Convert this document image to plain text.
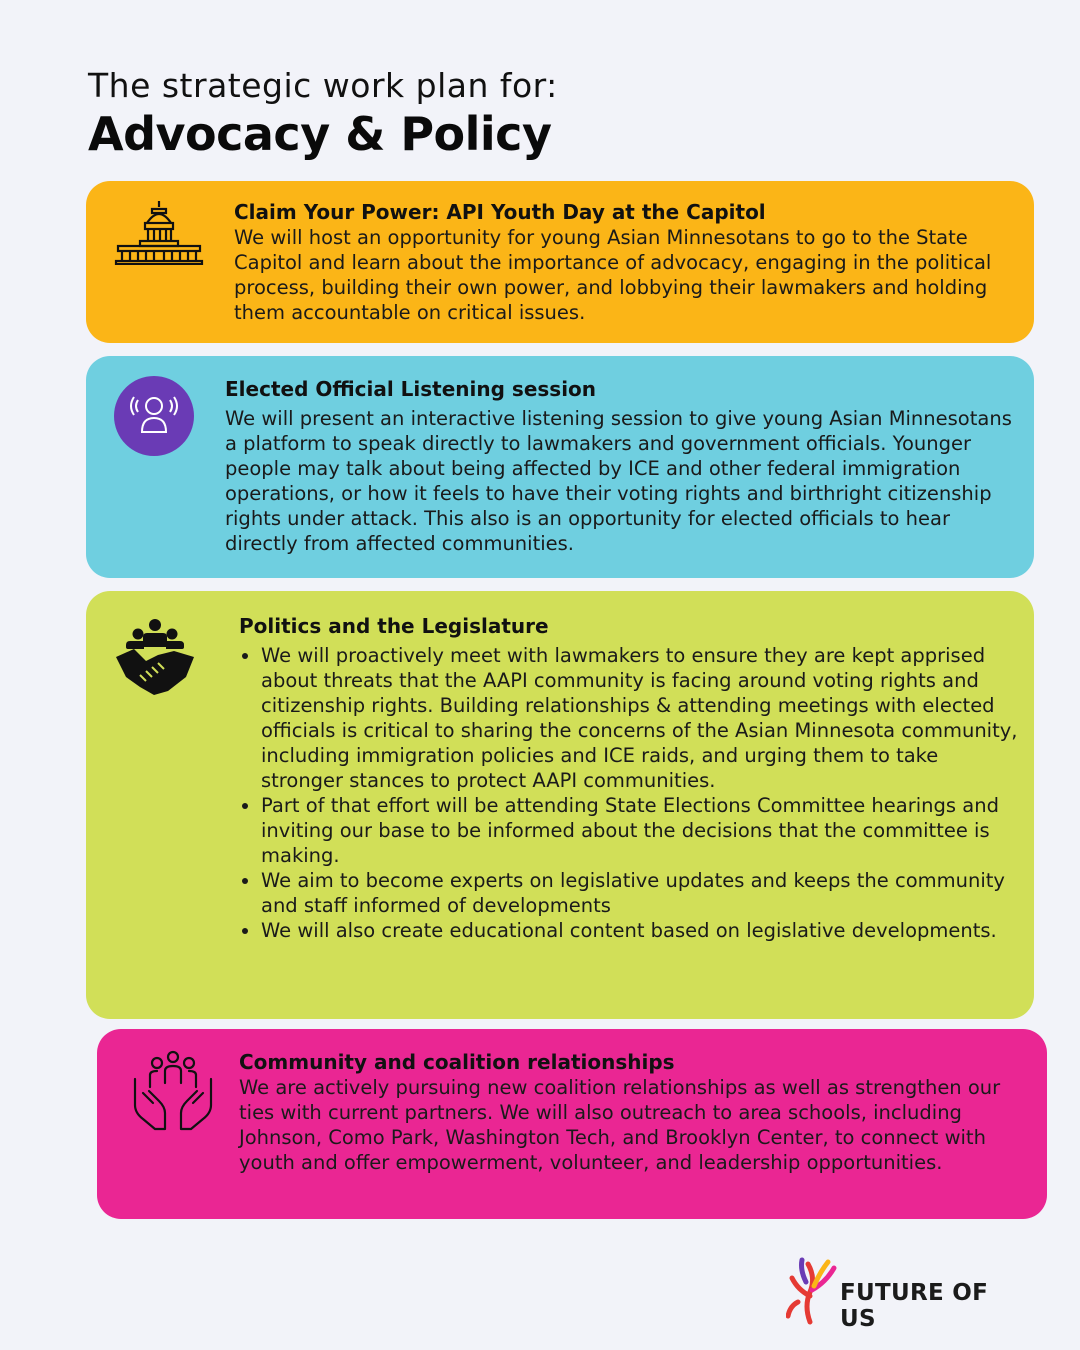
The strategic work plan for:
Advocacy & Policy
Claim Your Power: API Youth Day at the Capitol

We will host an opportunity for young Asian Minnesotans to go to the State Capitol and learn about the importance of advocacy, engaging in the political process, building their own power, and lobbying their lawmakers and holding them accountable on critical issues.

Elected Official Listening session

We will present an interactive listening session to give young Asian Minnesotans a platform to speak directly to lawmakers and government officials. Younger people may talk about being affected by ICE and other federal immigration operations, or how it feels to have their voting rights and birthright citizenship rights under attack. This also is an opportunity for elected officials to hear directly from affected communities.

Politics and the Legislature
• We will proactively meet with lawmakers to ensure they are kept apprised about threats that the AAPI community is facing around voting rights and citizenship rights. Building relationships & attending meetings with elected officials is critical to sharing the concerns of the Asian Minnesota community, including immigration policies and ICE raids, and urging them to take stronger stances to protect AAPI communities.
• Part of that effort will be attending State Elections Committee hearings and inviting our base to be informed about the decisions that the committee is making.
• We aim to become experts on legislative updates and keeps the community and staff informed of developments
• We will also create educational content based on legislative developments.
Community and coalition relationships

We are actively pursuing new coalition relationships as well as strengthen our ties with current partners. We will also outreach to area schools, including Johnson, Como Park, Washington Tech, and Brooklyn Center, to connect with youth and offer empowerment, volunteer, and leadership opportunities.

FUTURE OF US
